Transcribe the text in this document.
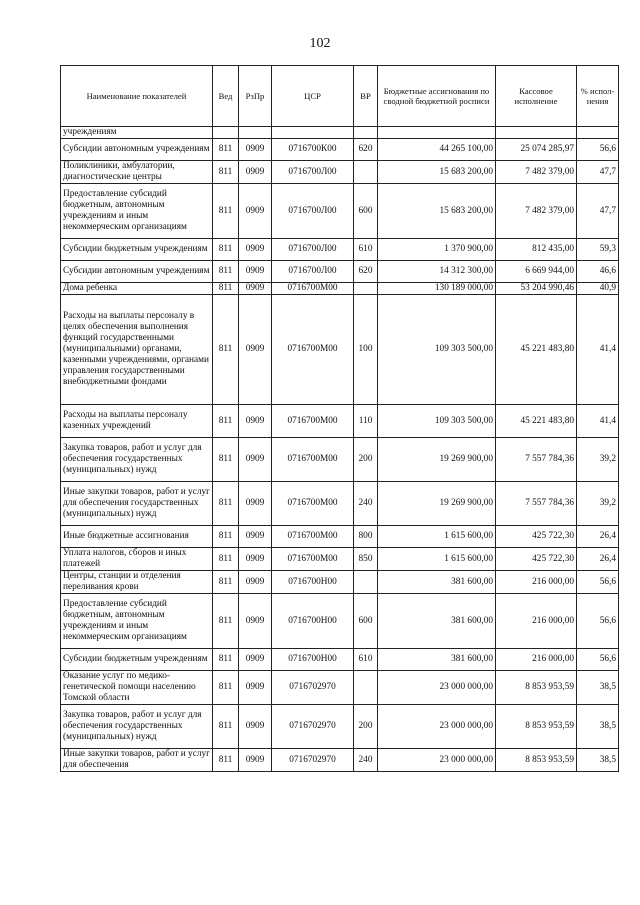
102
Наименование показателей	Вед	РзПр	ЦСР	ВР	Бюджетные ассигнования по сводной бюджетной росписи	Кассовое исполнение	% испол-нения
учреждениям							
Субсидии автономным учреждениям	811	0909	0716700К00	620	44 265 100,00	25 074 285,97	56,6
Поликлиники, амбулатории, диагностические центры	811	0909	0716700Л00		15 683 200,00	7 482 379,00	47,7
Предоставление субсидий бюджетным, автономным учреждениям и иным некоммерческим организациям	811	0909	0716700Л00	600	15 683 200,00	7 482 379,00	47,7
Субсидии бюджетным учреждениям	811	0909	0716700Л00	610	1 370 900,00	812 435,00	59,3
Субсидии автономным учреждениям	811	0909	0716700Л00	620	14 312 300,00	6 669 944,00	46,6
Дома ребенка	811	0909	0716700М00		130 189 000,00	53 204 990,46	40,9
Расходы на выплаты персоналу в целях обеспечения выполнения функций государственными (муниципальными) органами, казенными учреждениями, органами управления государственными внебюджетными фондами	811	0909	0716700М00	100	109 303 500,00	45 221 483,80	41,4
Расходы на выплаты персоналу казенных учреждений	811	0909	0716700М00	110	109 303 500,00	45 221 483,80	41,4
Закупка товаров, работ и услуг для обеспечения государственных (муниципальных) нужд	811	0909	0716700М00	200	19 269 900,00	7 557 784,36	39,2
Иные закупки товаров, работ и услуг для обеспечения государственных (муниципальных) нужд	811	0909	0716700М00	240	19 269 900,00	7 557 784,36	39,2
Иные бюджетные ассигнования	811	0909	0716700М00	800	1 615 600,00	425 722,30	26,4
Уплата налогов, сборов и иных платежей	811	0909	0716700М00	850	1 615 600,00	425 722,30	26,4
Центры, станции и отделения переливания крови	811	0909	0716700Н00		381 600,00	216 000,00	56,6
Предоставление субсидий бюджетным, автономным учреждениям и иным некоммерческим организациям	811	0909	0716700Н00	600	381 600,00	216 000,00	56,6
Субсидии бюджетным учреждениям	811	0909	0716700Н00	610	381 600,00	216 000,00	56,6
Оказание услуг по медико-генетической помощи населению Томской области	811	0909	0716702970		23 000 000,00	8 853 953,59	38,5
Закупка товаров, работ и услуг для обеспечения государственных (муниципальных) нужд	811	0909	0716702970	200	23 000 000,00	8 853 953,59	38,5
Иные закупки товаров, работ и услуг для обеспечения	811	0909	0716702970	240	23 000 000,00	8 853 953,59	38,5
